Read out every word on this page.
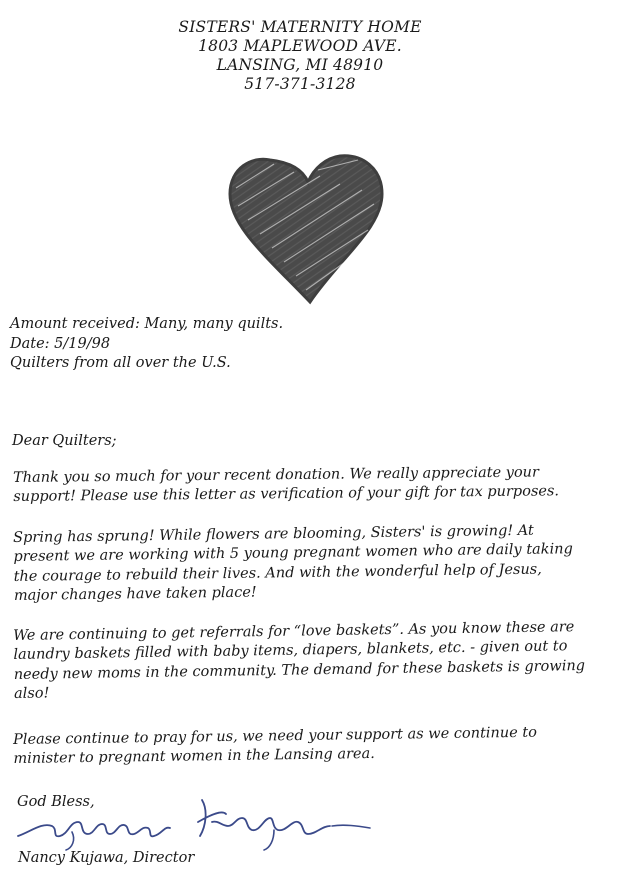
SISTERS' MATERNITY HOME
1803 MAPLEWOOD AVE.
LANSING, MI 48910
517-371-3128
Amount received: Many, many quilts.
Date: 5/19/98
Quilters from all over the U.S.
Dear Quilters;
Thank you so much for your recent donation. We really appreciate your
support! Please use this letter as verification of your gift for tax purposes.
Spring has sprung! While flowers are blooming, Sisters' is growing! At
present we are working with 5 young pregnant women who are daily taking
the courage to rebuild their lives. And with the wonderful help of Jesus,
major changes have taken place!
We are continuing to get referrals for “love baskets”. As you know these are
laundry baskets filled with baby items, diapers, blankets, etc. - given out to
needy new moms in the community. The demand for these baskets is growing
also!
Please continue to pray for us, we need your support as we continue to
minister to pregnant women in the Lansing area.
God Bless,
Nancy Kujawa, Director
